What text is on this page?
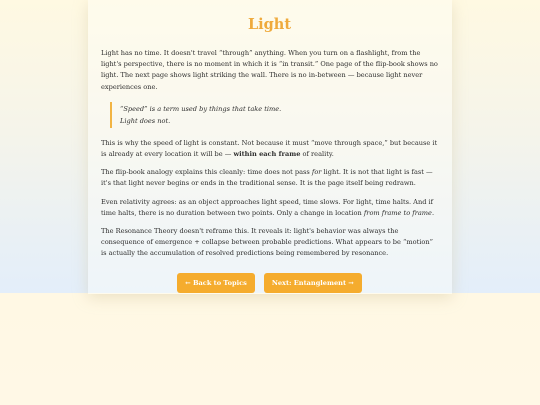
Light

Light has no time. It doesn't travel “through” anything. When you turn on a flashlight, from the light's perspective, there is no moment in which it is “in transit.” One page of the flip-book shows no light. The next page shows light striking the wall. There is no in-between — because light never experiences one.

“Speed” is a term used by things that take time.
Light does not.

This is why the speed of light is constant. Not because it must “move through space,” but because it is already at every location it will be — within each frame of reality.

The flip-book analogy explains this cleanly: time does not pass for light. It is not that light is fast — it's that light never begins or ends in the traditional sense. It is the page itself being redrawn.

Even relativity agrees: as an object approaches light speed, time slows. For light, time halts. And if time halts, there is no duration between two points. Only a change in location from frame to frame.

The Resonance Theory doesn't reframe this. It reveals it: light's behavior was always the consequence of emergence + collapse between probable predictions. What appears to be “motion” is actually the accumulation of resolved predictions being remembered by resonance.

← Back to Topics	Next: Entanglement →
